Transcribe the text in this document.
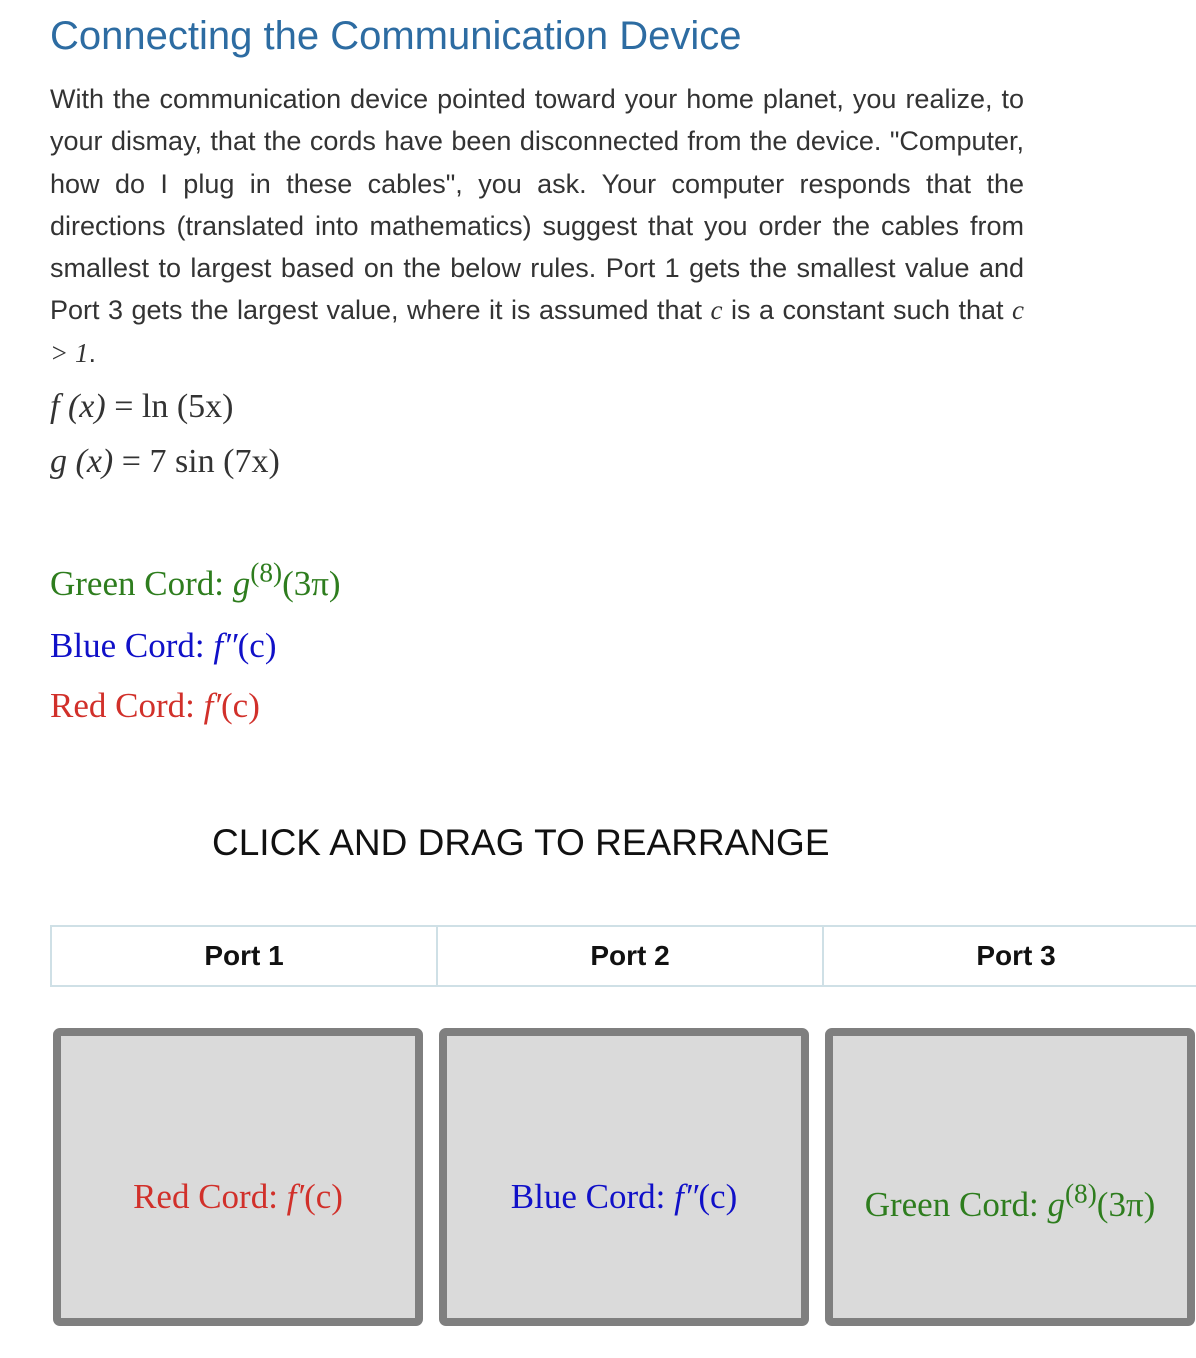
Connecting the Communication Device

With the communication device pointed toward your home planet, you realize, to your dismay, that the cords have been disconnected from the device. "Computer, how do I plug in these cables", you ask. Your computer responds that the directions (translated into mathematics) suggest that you order the cables from smallest to largest based on the below rules. Port 1 gets the smallest value and Port 3 gets the largest value, where it is assumed that c is a constant such that c > 1.

f (x) = ln (5x)
g (x) = 7 sin (7x)
Green Cord: $g^{(8)}(3\pi)$
Blue Cord: f″(c)
Red Cord: f′(c)
CLICK AND DRAG TO REARRANGE
Port 1	Port 2	Port 3
Red Cord: f′(c)	Blue Cord: f″(c)	Green Cord: $g^{(8)}(3\pi)$
